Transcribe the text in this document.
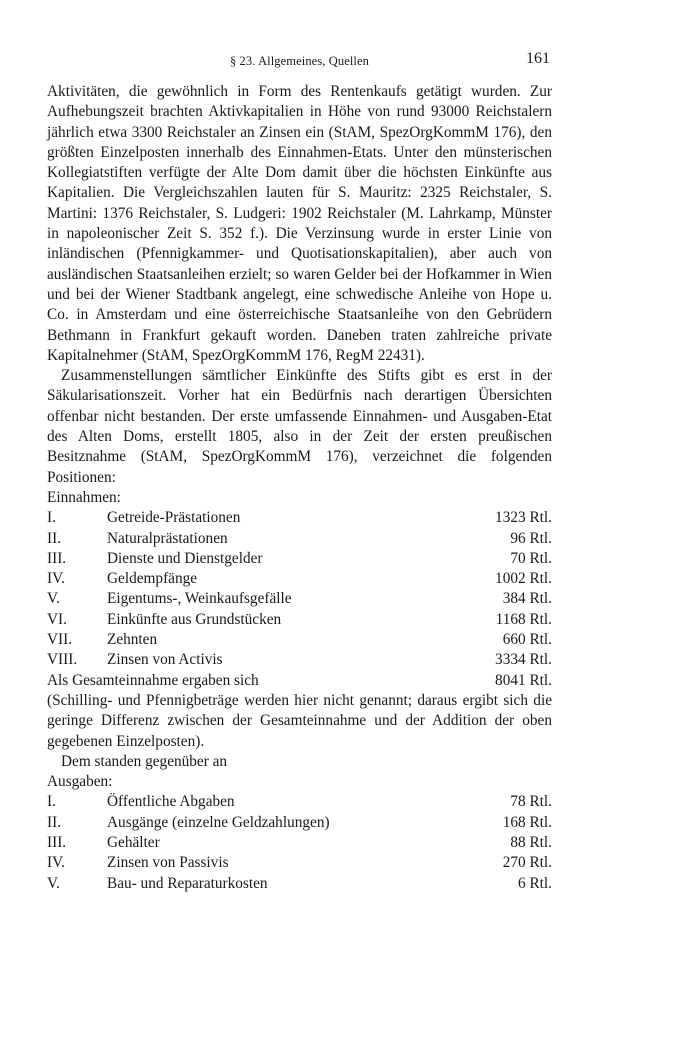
§ 23. Allgemeines, Quellen	161

Aktivitäten, die gewöhnlich in Form des Rentenkaufs getätigt wurden. Zur Aufhebungszeit brachten Aktivkapitalien in Höhe von rund 93000 Reichstalern jährlich etwa 3300 Reichstaler an Zinsen ein (StAM, SpezOrgKommM 176), den größten Einzelposten innerhalb des Einnahmen-Etats. Unter den münsterischen Kollegiatstiften verfügte der Alte Dom damit über die höchsten Einkünfte aus Kapitalien. Die Vergleichszahlen lauten für S. Mauritz: 2325 Reichstaler, S. Martini: 1376 Reichstaler, S. Ludgeri: 1902 Reichstaler (M. Lahrkamp, Münster in napoleonischer Zeit S. 352 f.). Die Verzinsung wurde in erster Linie von inländischen (Pfennigkammer- und Quotisationskapitalien), aber auch von ausländischen Staatsanleihen erzielt; so waren Gelder bei der Hofkammer in Wien und bei der Wiener Stadtbank angelegt, eine schwedische Anleihe von Hope u. Co. in Amsterdam und eine österreichische Staatsanleihe von den Gebrüdern Bethmann in Frankfurt gekauft worden. Daneben traten zahlreiche private Kapitalnehmer (StAM, SpezOrgKommM 176, RegM 22431).

Zusammenstellungen sämtlicher Einkünfte des Stifts gibt es erst in der Säkularisationszeit. Vorher hat ein Bedürfnis nach derartigen Übersichten offenbar nicht bestanden. Der erste umfassende Einnahmen- und Ausgaben-Etat des Alten Doms, erstellt 1805, also in der Zeit der ersten preußischen Besitznahme (StAM, SpezOrgKommM 176), verzeichnet die folgenden Positionen:

Einnahmen:
I.	Getreide-Prästationen	1323 Rtl.
II.	Naturalprästationen	96 Rtl.
III.	Dienste und Dienstgelder	70 Rtl.
IV.	Geldempfänge	1002 Rtl.
V.	Eigentums-, Weinkaufsgefälle	384 Rtl.
VI.	Einkünfte aus Grundstücken	1168 Rtl.
VII.	Zehnten	660 Rtl.
VIII.	Zinsen von Activis	3334 Rtl.
Als Gesamteinnahme ergaben sich	8041 Rtl.

(Schilling- und Pfennigbeträge werden hier nicht genannt; daraus ergibt sich die geringe Differenz zwischen der Gesamteinnahme und der Addition der oben gegebenen Einzelposten).

Dem standen gegenüber an

Ausgaben:
I.	Öffentliche Abgaben	78 Rtl.
II.	Ausgänge (einzelne Geldzahlungen)	168 Rtl.
III.	Gehälter	88 Rtl.
IV.	Zinsen von Passivis	270 Rtl.
V.	Bau- und Reparaturkosten	6 Rtl.
